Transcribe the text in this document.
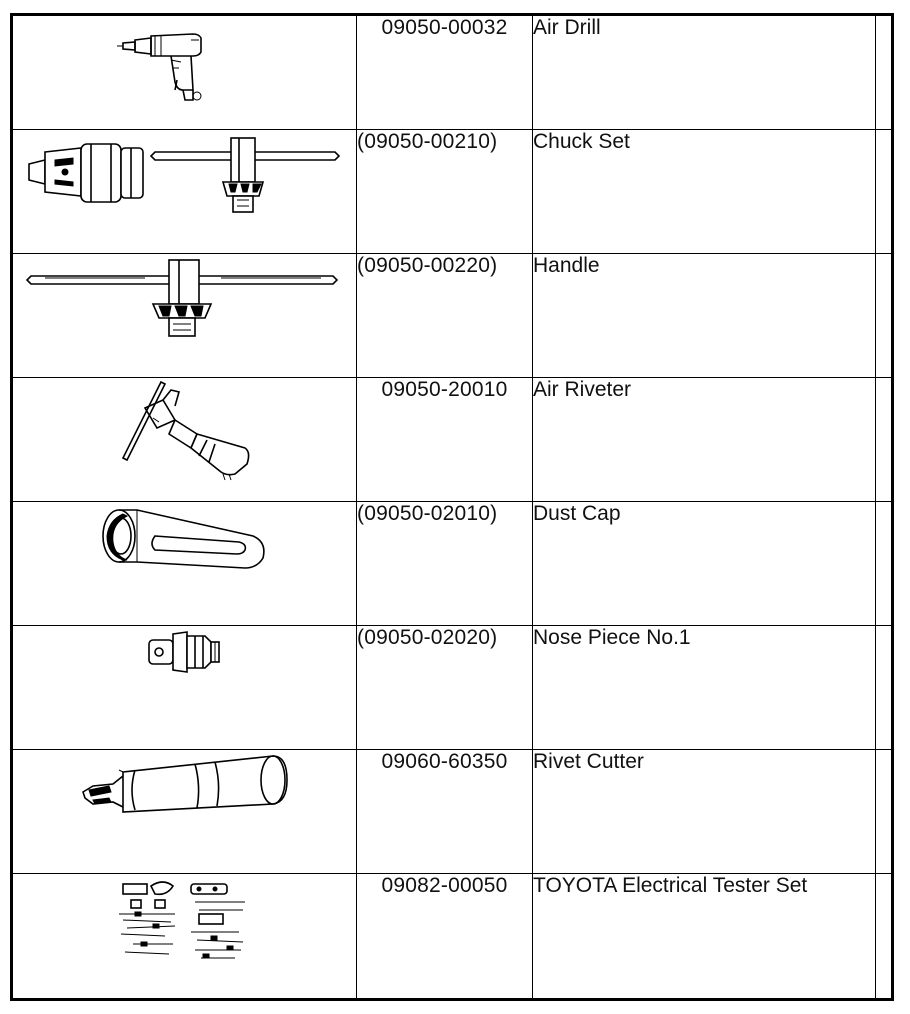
	09050-00032	Air Drill	

	(09050-00210)	Chuck Set	

	(09050-00220)	Handle	

	09050-20010	Air Riveter	

	(09050-02010)	Dust Cap	

	(09050-02020)	Nose Piece No.1	

	09060-60350	Rivet Cutter	

	09082-00050	TOYOTA Electrical Tester Set	
